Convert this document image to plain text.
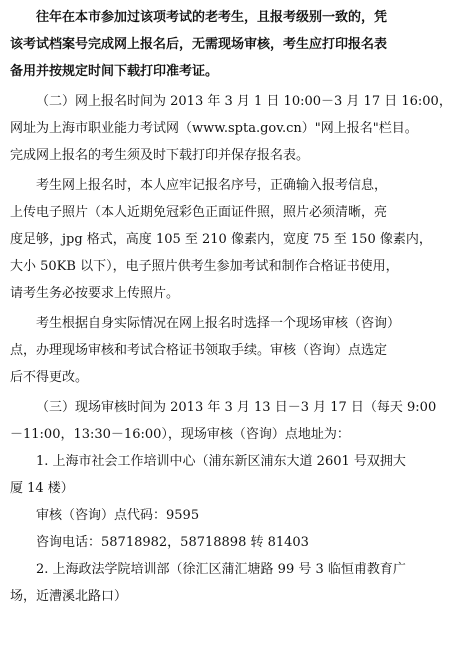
往年在本市参加过该项考试的老考生，且报考级别一致的，凭
该考试档案号完成网上报名后，无需现场审核，考生应打印报名表
备用并按规定时间下载打印准考证。
（二）网上报名时间为 2013 年 3 月 1 日 10:00－3 月 17 日 16:00，
网址为上海市职业能力考试网（www.spta.gov.cn）"网上报名"栏目。
完成网上报名的考生须及时下载打印并保存报名表。
考生网上报名时，本人应牢记报名序号，正确输入报考信息，
上传电子照片（本人近期免冠彩色正面证件照，照片必须清晰，亮
度足够，jpg 格式，高度 105 至 210 像素内，宽度 75 至 150 像素内，
大小 50KB 以下），电子照片供考生参加考试和制作合格证书使用，
请考生务必按要求上传照片。
考生根据自身实际情况在网上报名时选择一个现场审核（咨询）
点，办理现场审核和考试合格证书领取手续。审核（咨询）点选定
后不得更改。
（三）现场审核时间为 2013 年 3 月 13 日－3 月 17 日（每天 9:00
－11:00，13:30－16:00），现场审核（咨询）点地址为：
1. 上海市社会工作培训中心（浦东新区浦东大道 2601 号双拥大
厦 14 楼）
审核（咨询）点代码：9595
咨询电话：58718982，58718898 转 81403
2. 上海政法学院培训部（徐汇区蒲汇塘路 99 号 3 临恒甫教育广
场，近漕溪北路口）
